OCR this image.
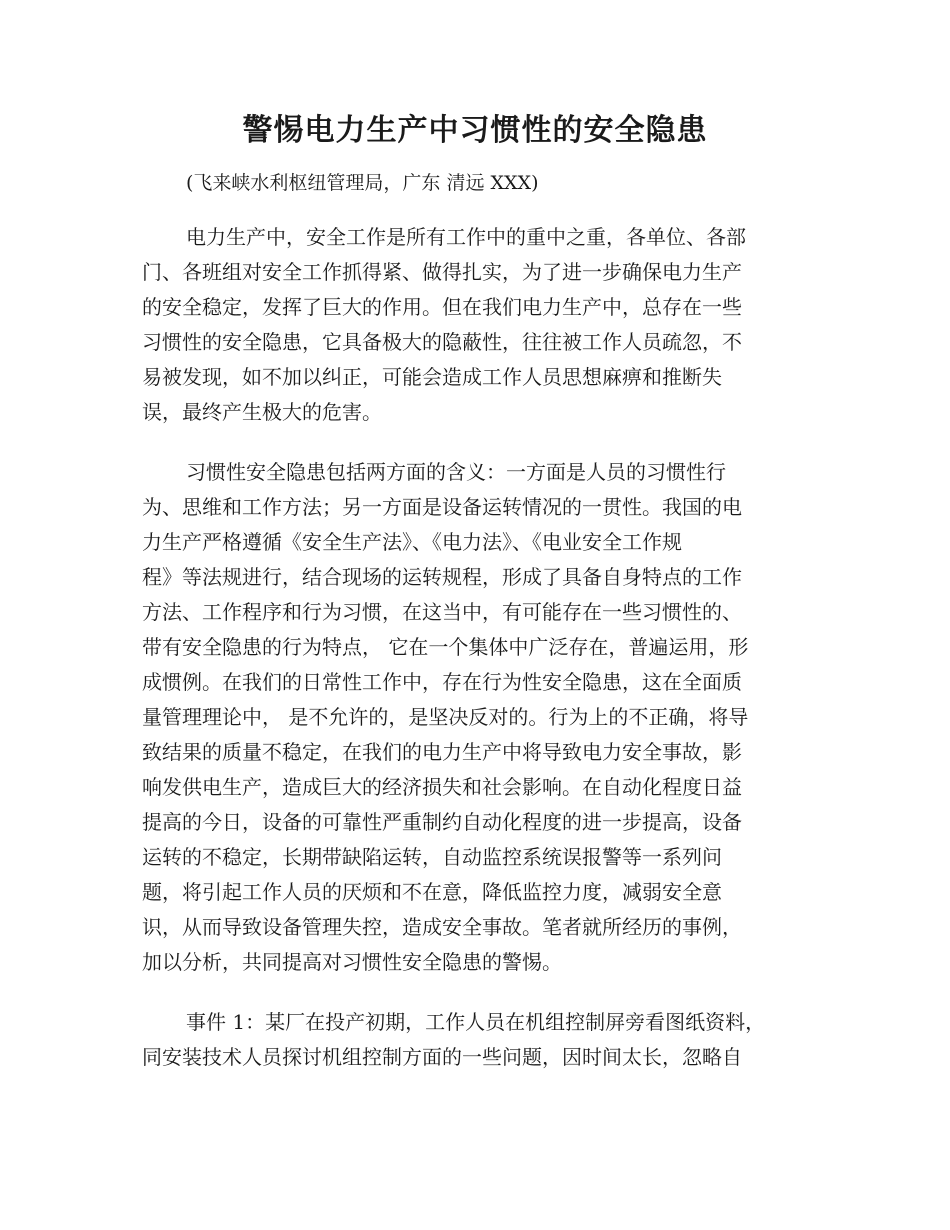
警惕电力生产中习惯性的安全隐患

(飞来峡水利枢纽管理局，广东 清远 XXX)

电力生产中，安全工作是所有工作中的重中之重，各单位、各部

门、各班组对安全工作抓得紧、做得扎实，为了进一步确保电力生产

的安全稳定，发挥了巨大的作用。但在我们电力生产中，总存在一些

习惯性的安全隐患，它具备极大的隐蔽性，往往被工作人员疏忽，不

易被发现，如不加以纠正，可能会造成工作人员思想麻痹和推断失

误，最终产生极大的危害。

习惯性安全隐患包括两方面的含义：一方面是人员的习惯性行

为、思维和工作方法；另一方面是设备运转情况的一贯性。我国的电

力生产严格遵循《安全生产法》、《电力法》、《电业安全工作规

程》等法规进行，结合现场的运转规程，形成了具备自身特点的工作

方法、工作程序和行为习惯，在这当中，有可能存在一些习惯性的、

带有安全隐患的行为特点， 它在一个集体中广泛存在，普遍运用，形

成惯例。在我们的日常性工作中，存在行为性安全隐患，这在全面质

量管理理论中， 是不允许的，是坚决反对的。行为上的不正确，将导

致结果的质量不稳定，在我们的电力生产中将导致电力安全事故，影

响发供电生产，造成巨大的经济损失和社会影响。在自动化程度日益

提高的今日，设备的可靠性严重制约自动化程度的进一步提高，设备

运转的不稳定，长期带缺陷运转，自动监控系统误报警等一系列问

题，将引起工作人员的厌烦和不在意，降低监控力度，减弱安全意

识，从而导致设备管理失控，造成安全事故。笔者就所经历的事例，

加以分析，共同提高对习惯性安全隐患的警惕。

事件 1：某厂在投产初期，工作人员在机组控制屏旁看图纸资料，

同安装技术人员探讨机组控制方面的一些问题，因时间太长，忽略自
